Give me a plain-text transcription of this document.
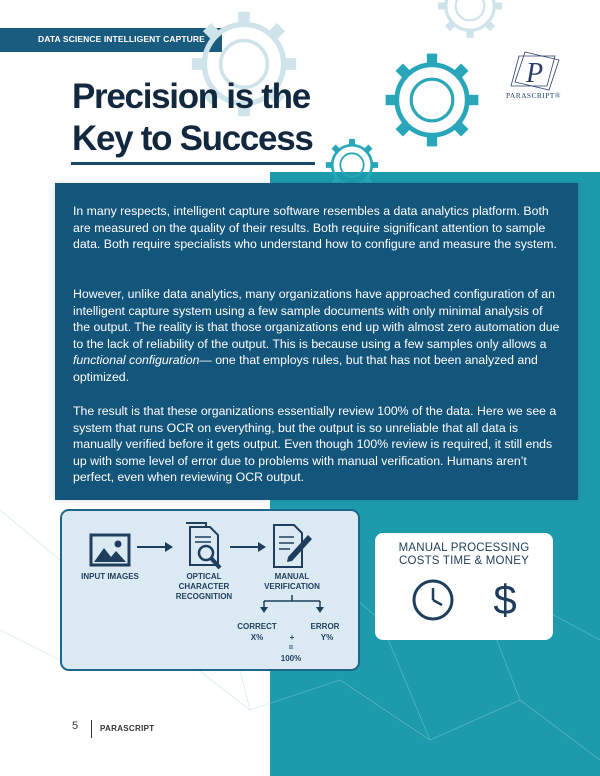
DATA SCIENCE INTELLIGENT CAPTURE
P
PARASCRIPT®
Precision is the
Key to Success

In many respects, intelligent capture software resembles a data analytics platform. Both are measured on the quality of their results. Both require significant attention to sample data. Both require specialists who understand how to configure and measure the system.

However, unlike data analytics, many organizations have approached configuration of an intelligent capture system using a few sample documents with only minimal analysis of the output. The reality is that those organizations end up with almost zero automation due to the lack of reliability of the output. This is because using a few samples only allows a functional configuration— one that employs rules, but that has not been analyzed and optimized.

The result is that these organizations essentially review 100% of the data. Here we see a system that runs OCR on everything, but the output is so unreliable that all data is manually verified before it gets output. Even though 100% review is required, it still ends up with some level of error due to problems with manual verification. Humans aren’t perfect, even when reviewing OCR output.

INPUT IMAGES	OPTICAL CHARACTER RECOGNITION
MANUAL VERIFICATION
CORRECT	ERROR
X%	+	Y%
=
100%
MANUAL PROCESSING
COSTS TIME & MONEY
$
5	PARASCRIPT
